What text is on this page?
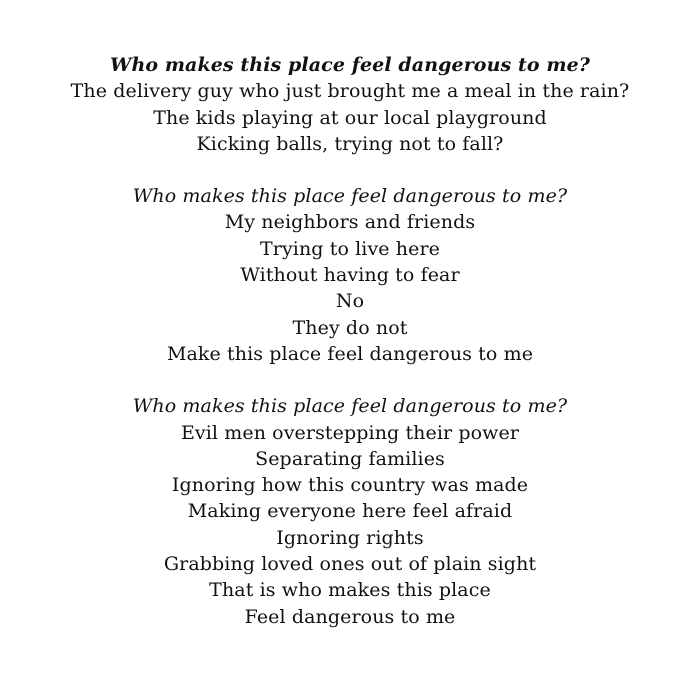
Who makes this place feel dangerous to me?
The delivery guy who just brought me a meal in the rain?
The kids playing at our local playground
Kicking balls, trying not to fall?
Who makes this place feel dangerous to me?
My neighbors and friends
Trying to live here
Without having to fear
No
They do not
Make this place feel dangerous to me
Who makes this place feel dangerous to me?
Evil men overstepping their power
Separating families
Ignoring how this country was made
Making everyone here feel afraid
Ignoring rights
Grabbing loved ones out of plain sight
That is who makes this place
Feel dangerous to me
